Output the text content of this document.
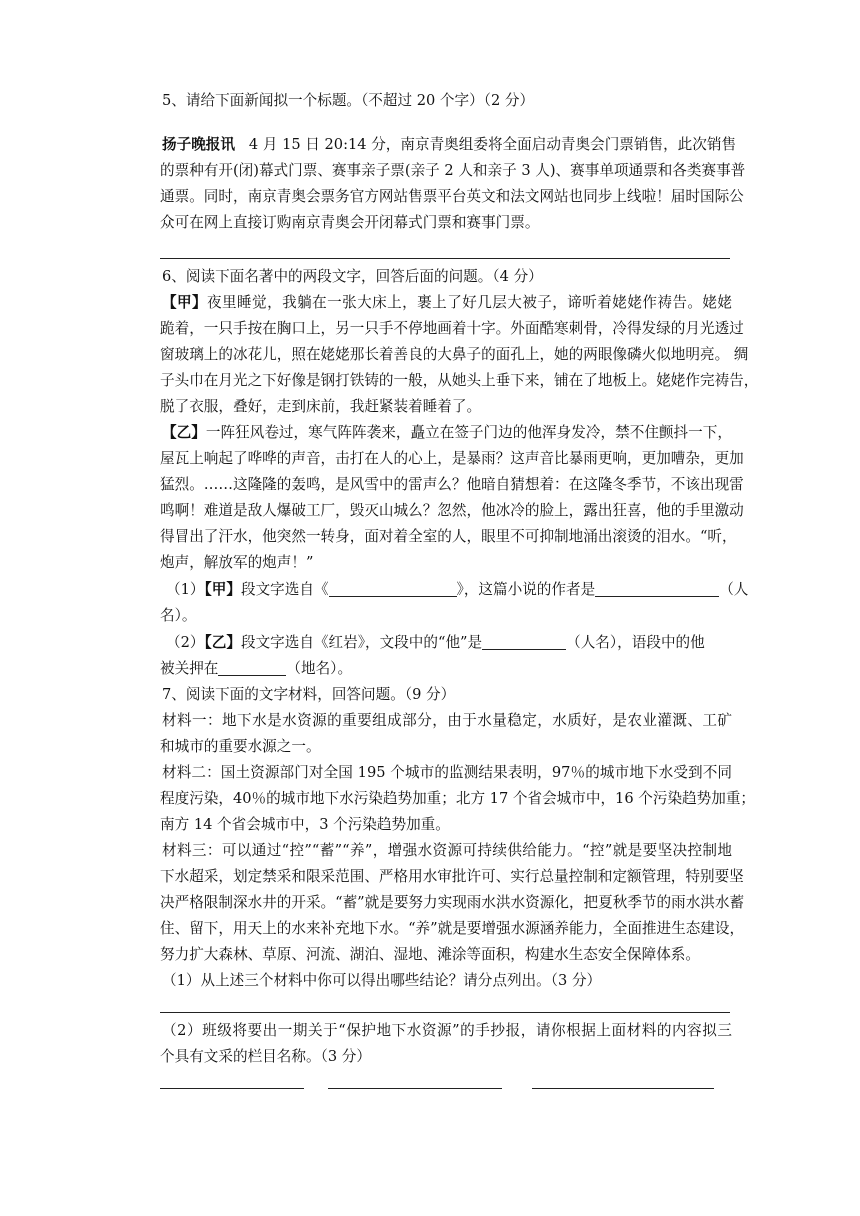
5、请给下面新闻拟一个标题。（不超过 20 个字）（2 分）
扬子晚报讯 4 月 15 日 20:14 分，南京青奥组委将全面启动青奥会门票销售，此次销售
的票种有开(闭)幕式门票、赛事亲子票(亲子 2 人和亲子 3 人)、赛事单项通票和各类赛事普
通票。同时，南京青奥会票务官方网站售票平台英文和法文网站也同步上线啦！届时国际公
众可在网上直接订购南京青奥会开闭幕式门票和赛事门票。
6、阅读下面名著中的两段文字，回答后面的问题。（4 分）
【甲】夜里睡觉，我躺在一张大床上，裹上了好几层大被子，谛听着姥姥作祷告。姥姥
跪着，一只手按在胸口上，另一只手不停地画着十字。外面酷寒刺骨，冷得发绿的月光透过
窗玻璃上的冰花儿，照在姥姥那长着善良的大鼻子的面孔上，她的两眼像磷火似地明亮。 绸
子头巾在月光之下好像是钢打铁铸的一般，从她头上垂下来，铺在了地板上。姥姥作完祷告，
脱了衣服，叠好，走到床前，我赶紧装着睡着了。
【乙】一阵狂风卷过，寒气阵阵袭来，矗立在签子门边的他浑身发冷，禁不住颤抖一下，
屋瓦上响起了哗哗的声音，击打在人的心上，是暴雨？这声音比暴雨更响，更加嘈杂，更加
猛烈。……这隆隆的轰鸣，是风雪中的雷声么？他暗自猜想着：在这隆冬季节，不该出现雷
鸣啊！难道是敌人爆破工厂，毁灭山城么？忽然，他冰冷的脸上，露出狂喜，他的手里激动
得冒出了汗水，他突然一转身，面对着全室的人，眼里不可抑制地涌出滚烫的泪水。“听，
炮声，解放军的炮声！”
（1）【甲】段文字选自《	》，这篇小说的作者是	（人
名）。
（2）【乙】段文字选自《红岩》，文段中的“他”是	（人名），语段中的他
被关押在	（地名）。
7、阅读下面的文字材料，回答问题。（9 分）
材料一：地下水是水资源的重要组成部分，由于水量稳定，水质好，是农业灌溉、工矿
和城市的重要水源之一。
材料二：国土资源部门对全国 195 个城市的监测结果表明，97％的城市地下水受到不同
程度污染，40％的城市地下水污染趋势加重；北方 17 个省会城市中，16 个污染趋势加重；
南方 14 个省会城市中，3 个污染趋势加重。
材料三：可以通过“控”“蓄”“养”，增强水资源可持续供给能力。“控”就是要坚决控制地
下水超采，划定禁采和限采范围、严格用水审批许可、实行总量控制和定额管理，特别要坚
决严格限制深水井的开采。“蓄”就是要努力实现雨水洪水资源化，把夏秋季节的雨水洪水蓄
住、留下，用天上的水来补充地下水。“养”就是要增强水源涵养能力，全面推进生态建设，
努力扩大森林、草原、河流、湖泊、湿地、滩涂等面积，构建水生态安全保障体系。
（1）从上述三个材料中你可以得出哪些结论？请分点列出。（3 分）
（2）班级将要出一期关于“保护地下水资源”的手抄报，请你根据上面材料的内容拟三
个具有文采的栏目名称。（3 分）
